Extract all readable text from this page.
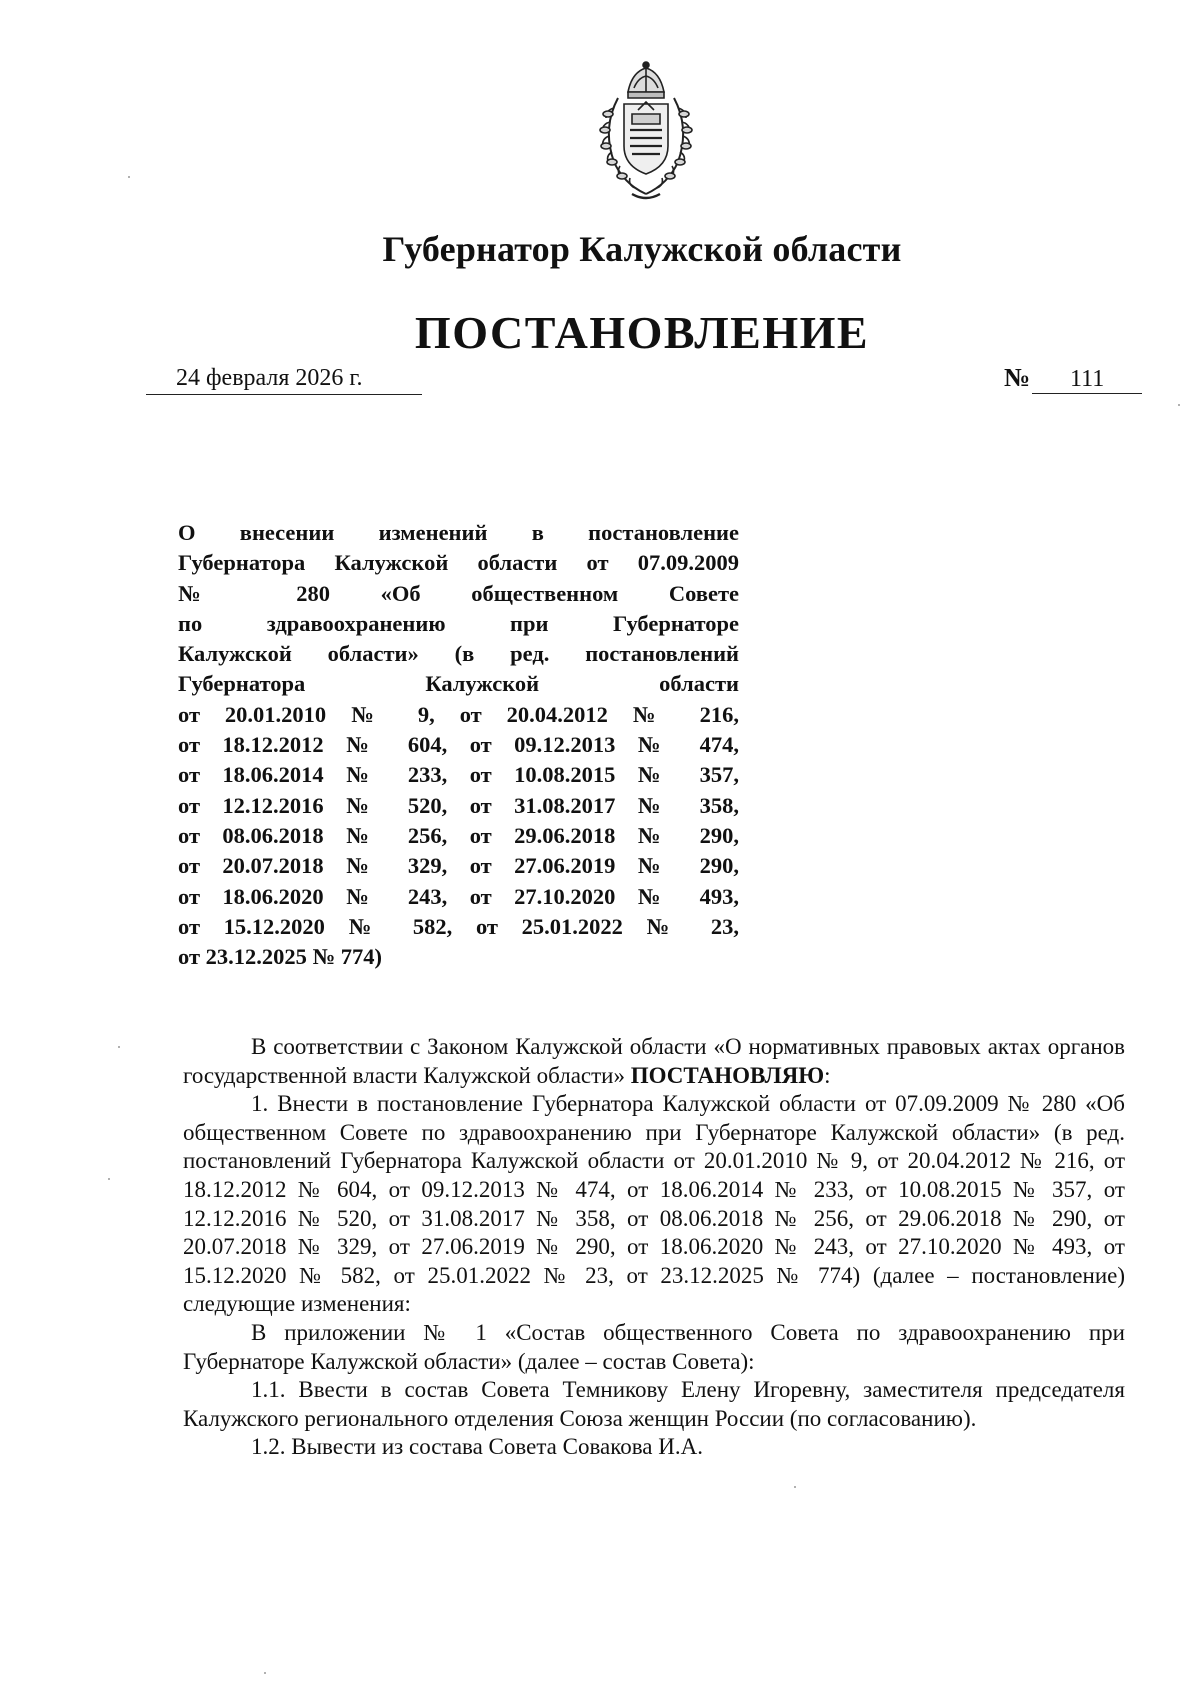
Губернатор Калужской области
ПОСТАНОВЛЕНИЕ
24 февраля 2026 г.	№ 111
О внесении изменений в постановление
Губернатора Калужской области от 07.09.2009
№ 280 «Об общественном Совете
по здравоохранению при Губернаторе
Калужской области» (в ред. постановлений
Губернатора Калужской области
от 20.01.2010 № 9, от 20.04.2012 № 216,
от 18.12.2012 № 604, от 09.12.2013 № 474,
от 18.06.2014 № 233, от 10.08.2015 № 357,
от 12.12.2016 № 520, от 31.08.2017 № 358,
от 08.06.2018 № 256, от 29.06.2018 № 290,
от 20.07.2018 № 329, от 27.06.2019 № 290,
от 18.06.2020 № 243, от 27.10.2020 № 493,
от 15.12.2020 № 582, от 25.01.2022 № 23,
от 23.12.2025 № 774)

В соответствии с Законом Калужской области «О нормативных правовых актах органов государственной власти Калужской области» ПОСТАНОВЛЯЮ:

1. Внести в постановление Губернатора Калужской области от 07.09.2009 № 280 «Об общественном Совете по здравоохранению при Губернаторе Калужской области» (в ред. постановлений Губернатора Калужской области от 20.01.2010 № 9, от 20.04.2012 № 216, от 18.12.2012 № 604, от 09.12.2013 № 474, от 18.06.2014 № 233, от 10.08.2015 № 357, от 12.12.2016 № 520, от 31.08.2017 № 358, от 08.06.2018 № 256, от 29.06.2018 № 290, от 20.07.2018 № 329, от 27.06.2019 № 290, от 18.06.2020 № 243, от 27.10.2020 № 493, от 15.12.2020 № 582, от 25.01.2022 № 23, от 23.12.2025 № 774) (далее – постановление) следующие изменения:

В приложении № 1 «Состав общественного Совета по здравоохранению при Губернаторе Калужской области» (далее – состав Совета):

1.1. Ввести в состав Совета Темникову Елену Игоревну, заместителя председателя Калужского регионального отделения Союза женщин России (по согласованию).

1.2. Вывести из состава Совета Совакова И.А.
